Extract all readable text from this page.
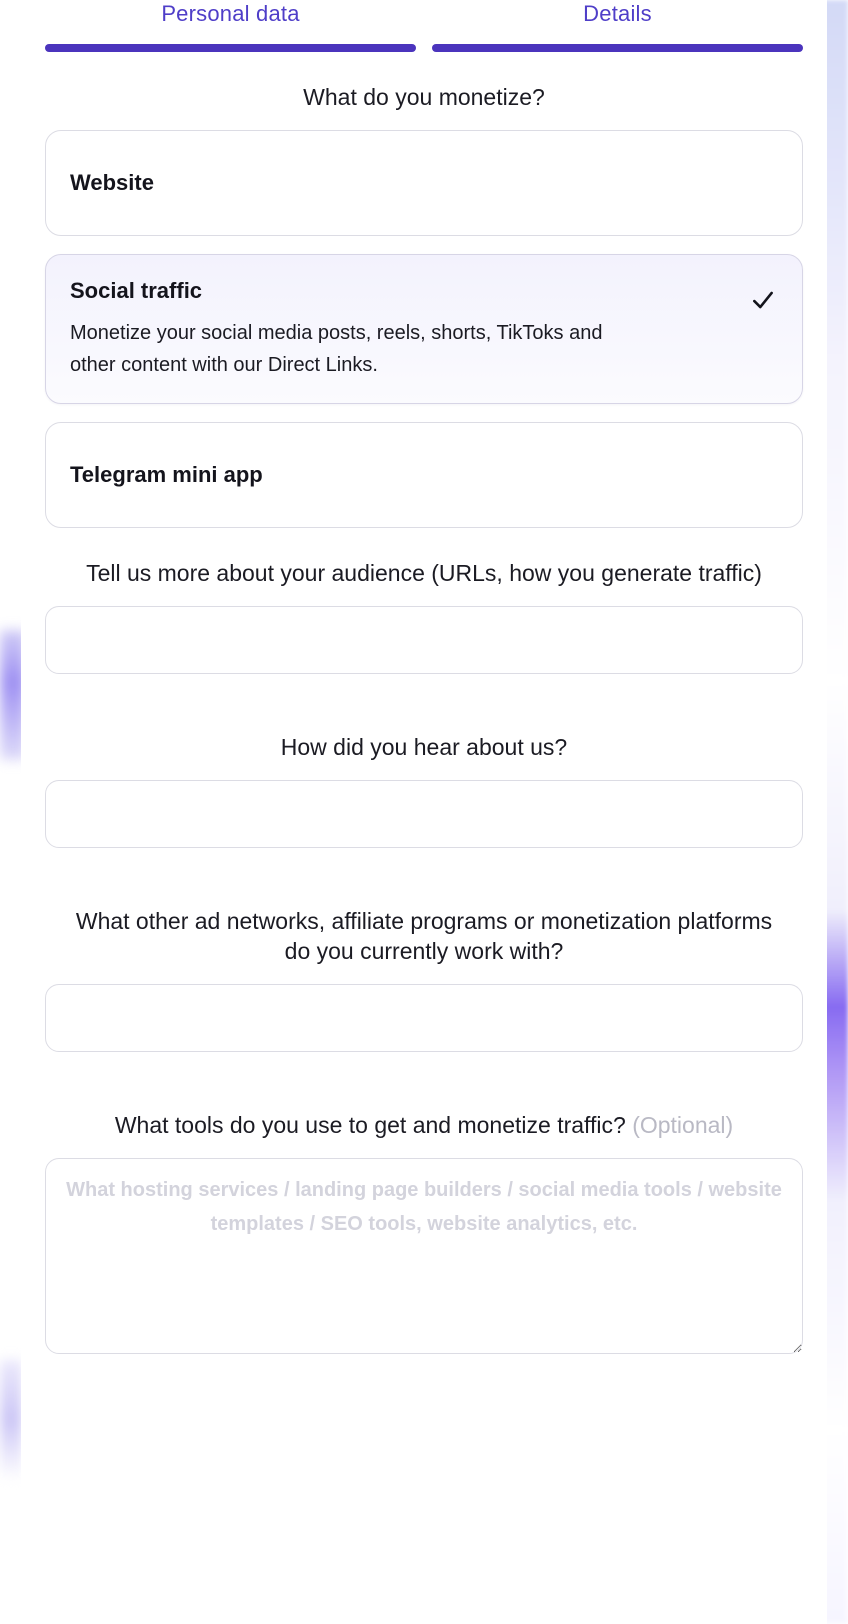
Personal data	Details
What do you monetize?
Website
Social traffic
Monetize your social media posts, reels, shorts, TikToks and other content with our Direct Links.
Telegram mini app
Tell us more about your audience (URLs, how you generate traffic)
How did you hear about us?
What other ad networks, affiliate programs or monetization platforms do you currently work with?
What tools do you use to get and monetize traffic? (Optional)
What hosting services / landing page builders / social media tools / website templates / SEO tools, website analytics, etc.
